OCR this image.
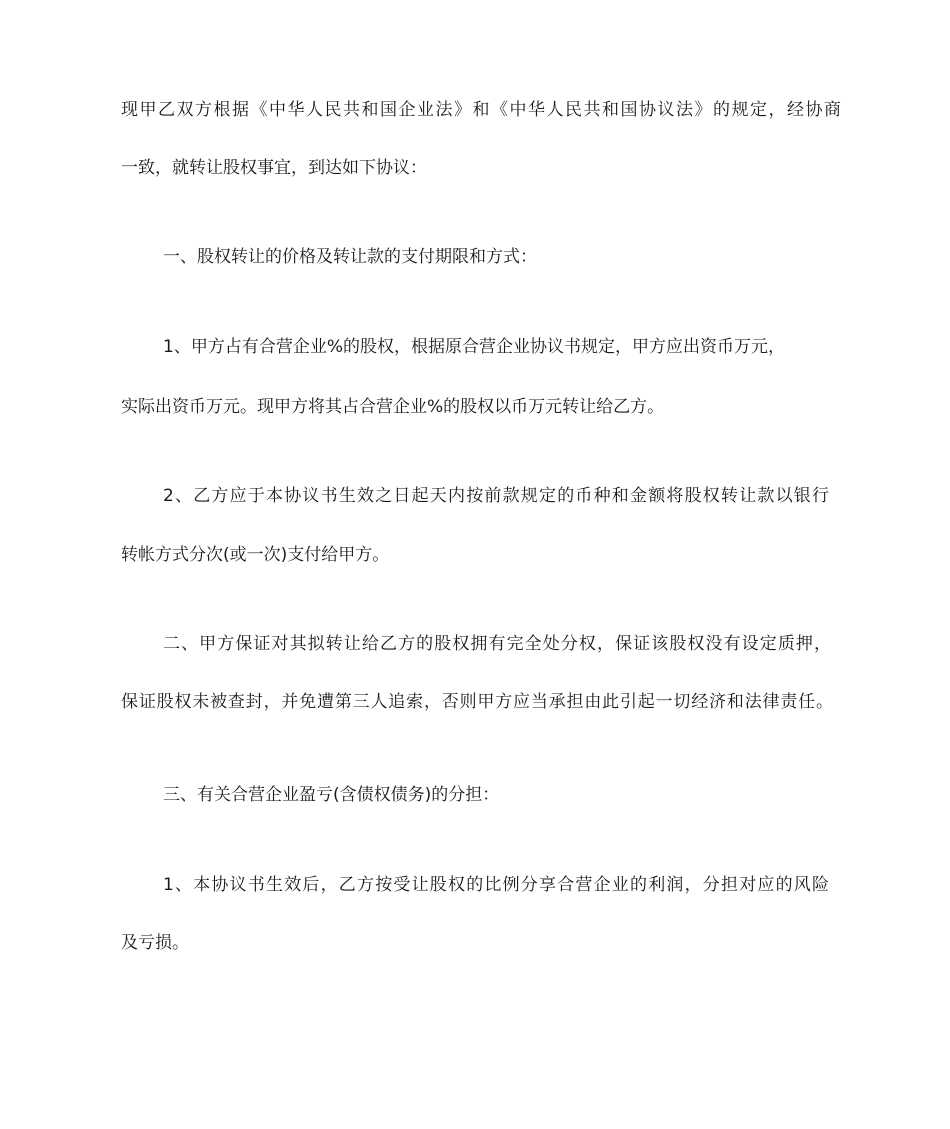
现甲乙双方根据《中华人民共和国企业法》和《中华人民共和国协议法》的规定，经协商
一致，就转让股权事宜，到达如下协议：
一、股权转让的价格及转让款的支付期限和方式：
1、甲方占有合营企业%的股权，根据原合营企业协议书规定，甲方应出资币万元，
实际出资币万元。现甲方将其占合营企业%的股权以币万元转让给乙方。
2、乙方应于本协议书生效之日起天内按前款规定的币种和金额将股权转让款以银行
转帐方式分次(或一次)支付给甲方。
二、甲方保证对其拟转让给乙方的股权拥有完全处分权，保证该股权没有设定质押，
保证股权未被查封，并免遭第三人追索，否则甲方应当承担由此引起一切经济和法律责任。
三、有关合营企业盈亏(含债权债务)的分担：
1、本协议书生效后，乙方按受让股权的比例分享合营企业的利润，分担对应的风险
及亏损。
